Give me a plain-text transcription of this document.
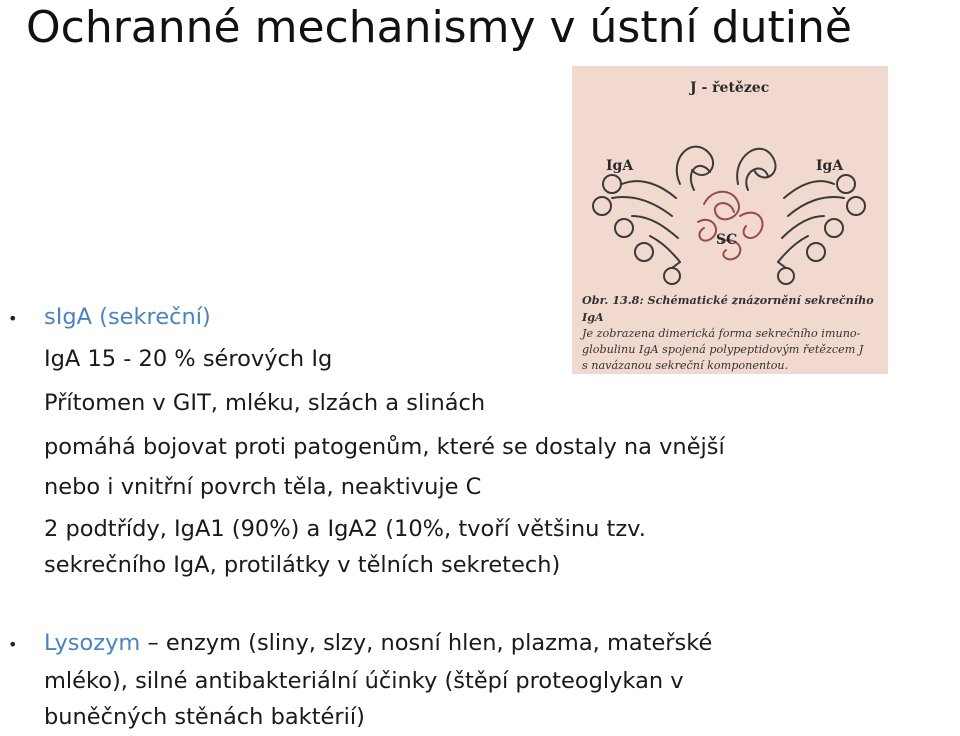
Ochranné mechanismy v ústní dutině
J - řetězec
IgA	IgA
SC
Obr. 13.8: Schématické znázornění sekrečního IgA
Je zobrazena dimerická forma sekrečního imuno-
globulinu IgA spojená polypeptidovým řetězcem J
s navázanou sekreční komponentou.
• sIgA (sekreční)
IgA 15 - 20 % sérových Ig
Přítomen v GIT, mléku, slzách a slinách
pomáhá bojovat proti patogenům, které se dostaly na vnější
nebo i vnitřní povrch těla, neaktivuje C
2 podtřídy, IgA1 (90%) a IgA2 (10%, tvoří většinu tzv.
sekrečního IgA, protilátky v tělních sekretech)
• Lysozym – enzym (sliny, slzy, nosní hlen, plazma, mateřské
mléko), silné antibakteriální účinky (štěpí proteoglykan v
buněčných stěnách baktérií)
